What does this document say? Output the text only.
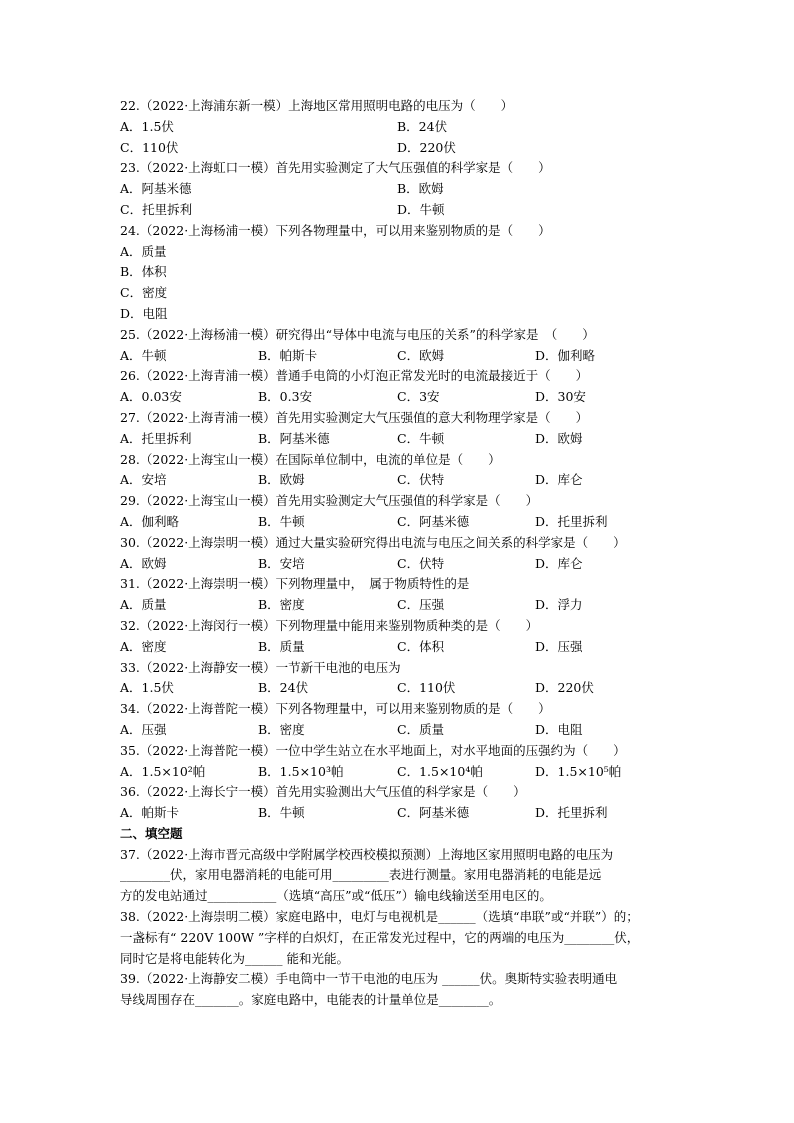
22.（2022·上海浦东新一模）上海地区常用照明电路的电压为（　　）
A．1.5伏	B．24伏
C．110伏	D．220伏
23.（2022·上海虹口一模）首先用实验测定了大气压强值的科学家是（　　）
A．阿基米德	B．欧姆
C．托里拆利	D．牛顿
24.（2022·上海杨浦一模）下列各物理量中，可以用来鉴别物质的是（　　）
A．质量
B．体积
C．密度
D．电阻
25.（2022·上海杨浦一模）研究得出“导体中电流与电压的关系”的科学家是　（　　）
A．牛顿	B．帕斯卡	C．欧姆	D．伽利略
26.（2022·上海青浦一模）普通手电筒的小灯泡正常发光时的电流最接近于（　　）
A．0.03安	B．0.3安	C．3安	D．30安
27.（2022·上海青浦一模）首先用实验测定大气压强值的意大利物理学家是（　　）
A．托里拆利	B．阿基米德	C．牛顿	D．欧姆
28.（2022·上海宝山一模）在国际单位制中，电流的单位是（　　）
A．安培	B．欧姆	C．伏特	D．库仑
29.（2022·上海宝山一模）首先用实验测定大气压强值的科学家是（　　）
A．伽利略	B．牛顿	C．阿基米德	D．托里拆利
30.（2022·上海崇明一模）通过大量实验研究得出电流与电压之间关系的科学家是（　　）
A．欧姆	B．安培	C．伏特	D．库仑
31.（2022·上海崇明一模）下列物理量中，　属于物质特性的是
A．质量	B．密度	C．压强	D．浮力
32.（2022·上海闵行一模）下列物理量中能用来鉴别物质种类的是（　　）
A．密度	B．质量	C．体积	D．压强
33.（2022·上海静安一模）一节新干电池的电压为
A．1.5伏	B．24伏	C．110伏	D．220伏
34.（2022·上海普陀一模）下列各物理量中，可以用来鉴别物质的是（　　）
A．压强	B．密度	C．质量	D．电阻
35.（2022·上海普陀一模）一位中学生站立在水平地面上，对水平地面的压强约为（　　）
A．1.5×10²帕	B．1.5×10³帕	C．1.5×10⁴帕	D．1.5×10⁵帕
36.（2022·上海长宁一模）首先用实验测出大气压值的科学家是（　　）
A．帕斯卡	B．牛顿	C．阿基米德	D．托里拆利
二、填空题
37.（2022·上海市晋元高级中学附属学校西校模拟预测）上海地区家用照明电路的电压为
________伏，家用电器消耗的电能可用_________表进行测量。家用电器消耗的电能是远
方的发电站通过___________（选填“高压”或“低压”）输电线输送至用电区的。
38.（2022·上海崇明二模）家庭电路中，电灯与电视机是______（选填“串联”或“并联”）的；
一盏标有“ 220V 100W ”字样的白炽灯，在正常发光过程中，它的两端的电压为________伏，
同时它是将电能转化为______ 能和光能。
39.（2022·上海静安二模）手电筒中一节干电池的电压为 ______伏。奥斯特实验表明通电
导线周围存在_______。家庭电路中，电能表的计量单位是________。
